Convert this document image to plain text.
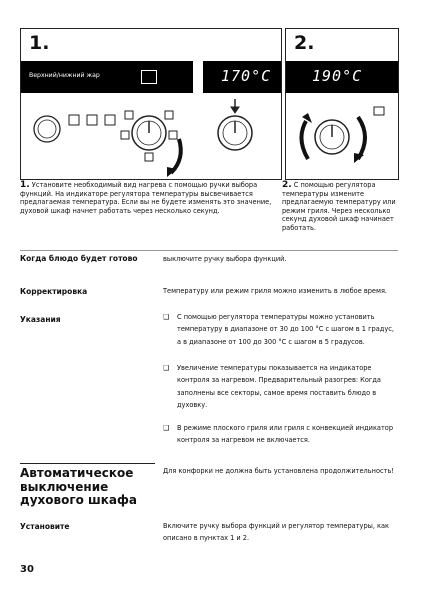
1.
Верхний/нижний жар	170°C
2.
190°C
1. Установите необходимый вид нагрева с помощью ручки выбора функций. На индикаторе регулятора температуры высвечивается предлагаемая температура. Если вы не будете изменять это значение, духовой шкаф начнет работать через несколько секунд.
2. С помощью регулятора температуры измените предлагаемую температуру или режим гриля. Через несколько секунд духовой шкаф начинает работать.
Когда блюдо будет готово	выключите ручку выбора функций.
Корректировка	Температуру или режим гриля можно изменить в любое время.
Указания	❑ С помощью регулятора температуры можно установить температуру в диапазоне от 30 до 100 °C с шагом в 1 градус, а в диапазоне от 100 до 300 °C с шагом в 5 градусов.
❑ Увеличение температуры показывается на индикаторе контроля за нагревом. Предварительный разогрев: Когда заполнены все секторы, самое время поставить блюдо в духовку.
❑ В режиме плоского гриля или гриля с конвекцией индикатор контроля за нагревом не включается.
Автоматическое выключение духового шкафа
Для конфорки не должна быть установлена продолжительность!
Установите	Включите ручку выбора функций и регулятор температуры, как описано в пунктах 1 и 2.
30
